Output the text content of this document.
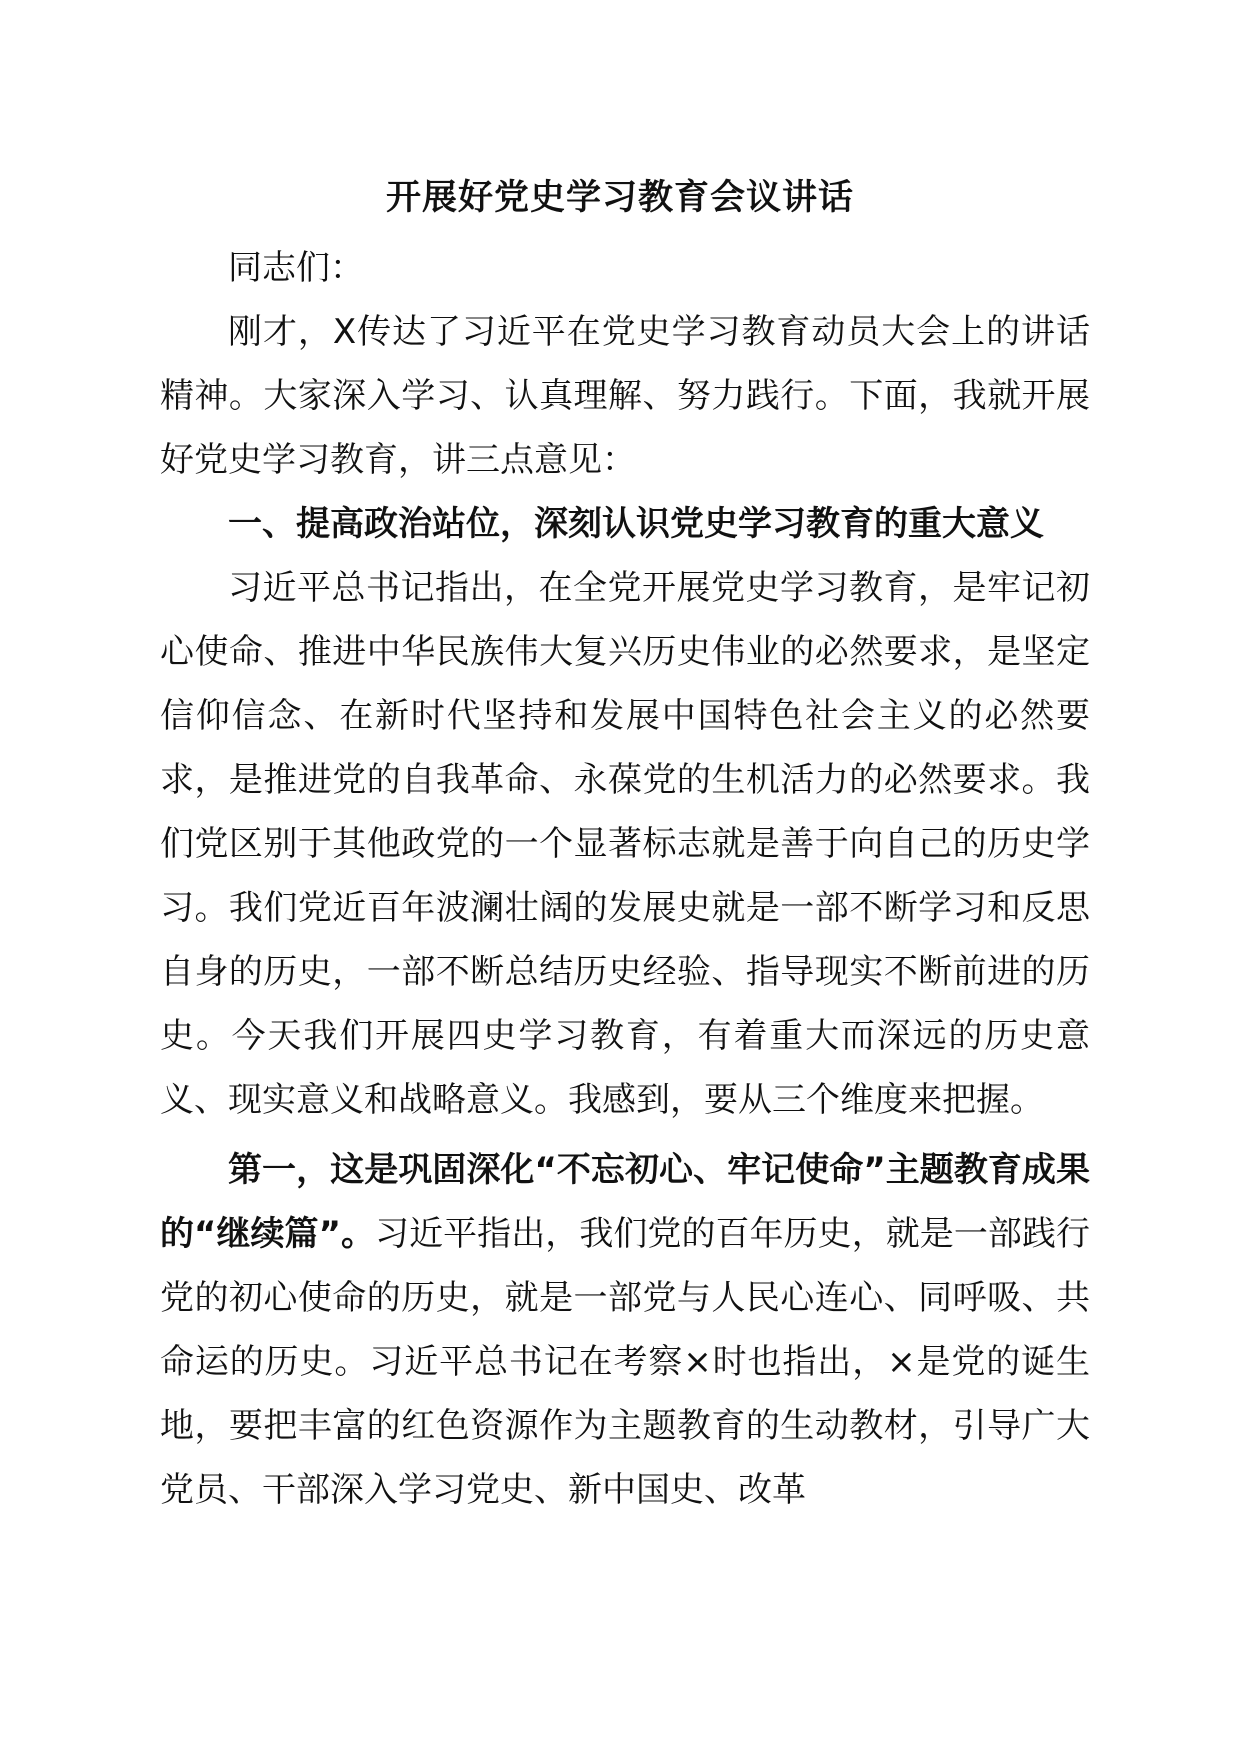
开展好党史学习教育会议讲话

同志们：

刚才，X传达了习近平在党史学习教育动员大会上的讲话精神。大家深入学习、认真理解、努力践行。下面，我就开展好党史学习教育，讲三点意见：

一、提高政治站位，深刻认识党史学习教育的重大意义

习近平总书记指出，在全党开展党史学习教育，是牢记初心使命、推进中华民族伟大复兴历史伟业的必然要求，是坚定信仰信念、在新时代坚持和发展中国特色社会主义的必然要求，是推进党的自我革命、永葆党的生机活力的必然要求。我们党区别于其他政党的一个显著标志就是善于向自己的历史学习。我们党近百年波澜壮阔的发展史就是一部不断学习和反思自身的历史，一部不断总结历史经验、指导现实不断前进的历史。今天我们开展四史学习教育，有着重大而深远的历史意义、现实意义和战略意义。我感到，要从三个维度来把握。

第一，这是巩固深化“不忘初心、牢记使命”主题教育成果的“继续篇”。习近平指出，我们党的百年历史，就是一部践行党的初心使命的历史，就是一部党与人民心连心、同呼吸、共命运的历史。习近平总书记在考察×时也指出，×是党的诞生地，要把丰富的红色资源作为主题教育的生动教材，引导广大党员、干部深入学习党史、新中国史、改革
